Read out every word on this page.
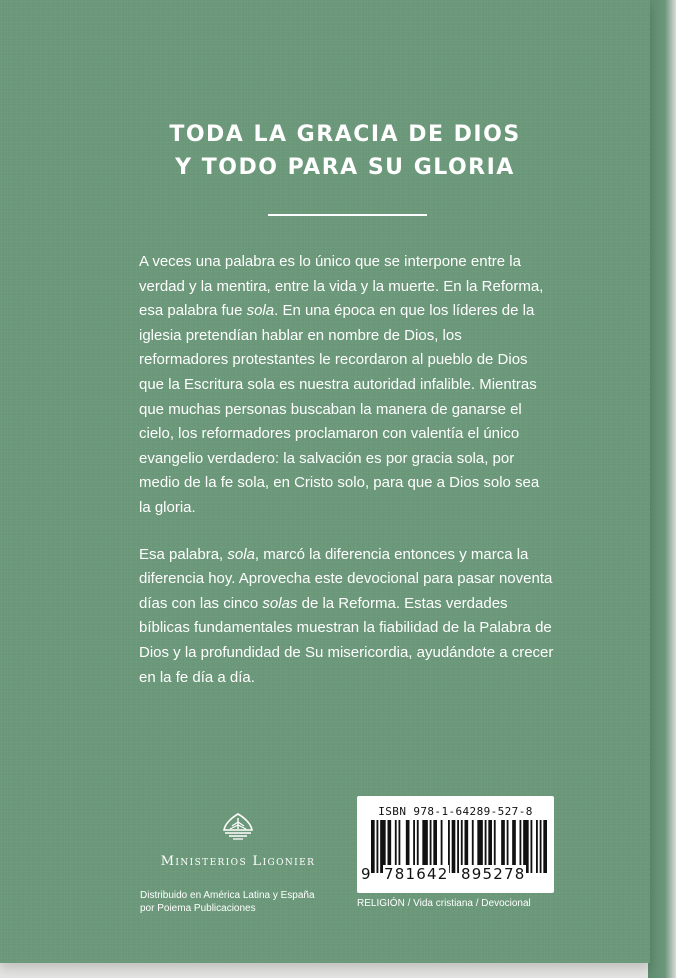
TODA LA GRACIA DE DIOS
Y TODO PARA SU GLORIA

A veces una palabra es lo único que se interpone entre la verdad y la mentira, entre la vida y la muerte. En la Reforma, esa palabra fue sola. En una época en que los líderes de la iglesia pretendían hablar en nombre de Dios, los reformadores protestantes le recordaron al pueblo de Dios que la Escritura sola es nuestra autoridad infalible. Mientras que muchas personas buscaban la manera de ganarse el cielo, los reformadores proclamaron con valentía el único evangelio verdadero: la salvación es por gracia sola, por medio de la fe sola, en Cristo solo, para que a Dios solo sea la gloria.

Esa palabra, sola, marcó la diferencia entonces y marca la diferencia hoy. Aprovecha este devocional para pasar noventa días con las cinco solas de la Reforma. Estas verdades bíblicas fundamentales muestran la fiabilidad de la Palabra de Dios y la profundidad de Su misericordia, ayudándote a crecer en la fe día a día.

Ministerios Ligonier
Distribuido en América Latina y España
por Poiema Publicaciones

ISBN 978-1-64289-527-8

9 781642 895278
RELIGIÓN / Vida cristiana / Devocional
